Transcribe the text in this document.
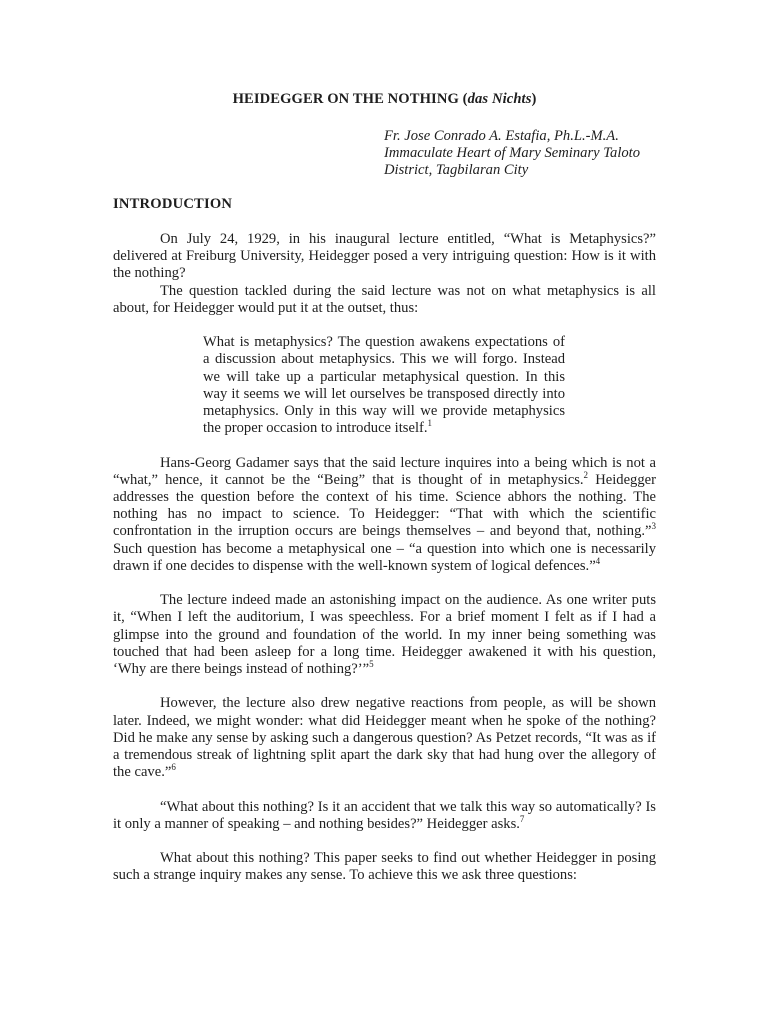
HEIDEGGER ON THE NOTHING (das Nichts)
Fr. Jose Conrado A. Estafia, Ph.L.-M.A.
Immaculate Heart of Mary Seminary Taloto
District, Tagbilaran City
INTRODUCTION

On July 24, 1929, in his inaugural lecture entitled, “What is Metaphysics?” delivered at Freiburg University, Heidegger posed a very intriguing question: How is it with the nothing?

The question tackled during the said lecture was not on what metaphysics is all about, for Heidegger would put it at the outset, thus:

What is metaphysics? The question awakens expectations of a discussion about metaphysics. This we will forgo. Instead we will take up a particular metaphysical question. In this way it seems we will let ourselves be transposed directly into metaphysics. Only in this way will we provide metaphysics the proper occasion to introduce itself.$^1$

Hans-Georg Gadamer says that the said lecture inquires into a being which is not a “what,” hence, it cannot be the “Being” that is thought of in metaphysics.$^2$ Heidegger addresses the question before the context of his time. Science abhors the nothing. The nothing has no impact to science. To Heidegger: “That with which the scientific confrontation in the irruption occurs are beings themselves – and beyond that, nothing.”$^3$ Such question has become a metaphysical one – “a question into which one is necessarily drawn if one decides to dispense with the well-known system of logical defences.”$^4$

The lecture indeed made an astonishing impact on the audience. As one writer puts it, “When I left the auditorium, I was speechless. For a brief moment I felt as if I had a glimpse into the ground and foundation of the world. In my inner being something was touched that had been asleep for a long time. Heidegger awakened it with his question, ‘Why are there beings instead of nothing?’”$^5$

However, the lecture also drew negative reactions from people, as will be shown later. Indeed, we might wonder: what did Heidegger meant when he spoke of the nothing? Did he make any sense by asking such a dangerous question? As Petzet records, “It was as if a tremendous streak of lightning split apart the dark sky that had hung over the allegory of the cave.”$^6$

“What about this nothing? Is it an accident that we talk this way so automatically? Is it only a manner of speaking – and nothing besides?” Heidegger asks.$^7$

What about this nothing? This paper seeks to find out whether Heidegger in posing such a strange inquiry makes any sense. To achieve this we ask three questions:
